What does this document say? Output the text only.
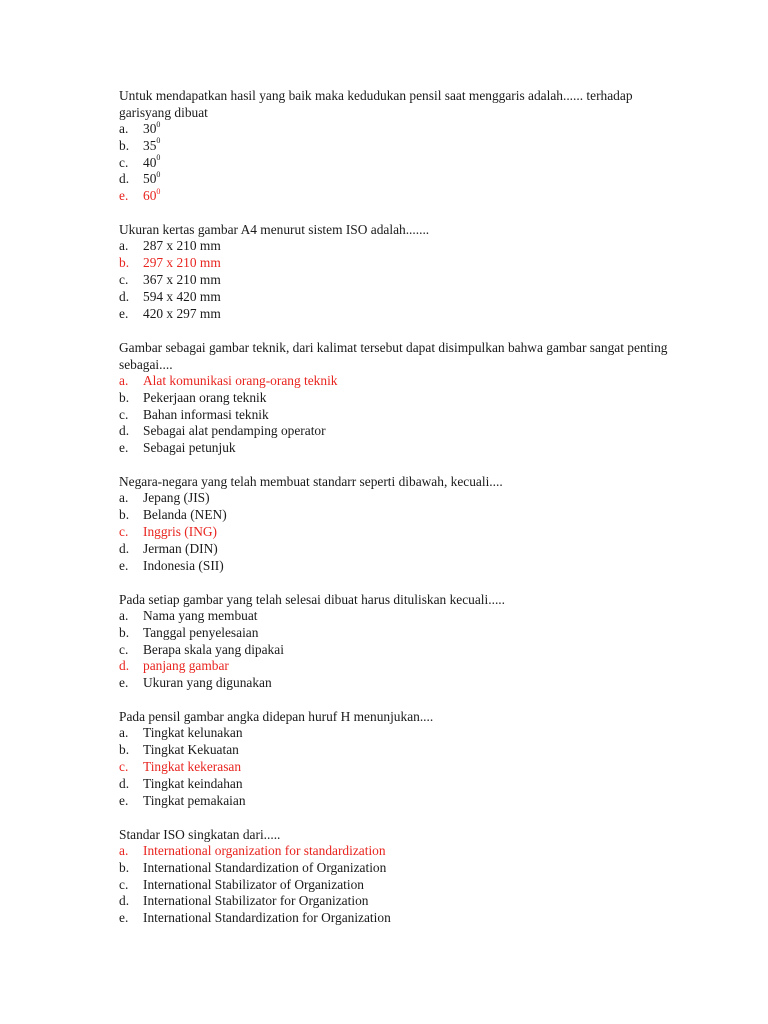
Untuk mendapatkan hasil yang baik maka kedudukan pensil saat menggaris adalah...... terhadap garisyang dibuat

a. $30^0$
b. $35^0$
c. $40^0$
d. $50^0$
e. $60^0$

Ukuran kertas gambar A4 menurut sistem ISO adalah.......

a. 287 x 210 mm
b. 297 x 210 mm
c. 367 x 210 mm
d. 594 x 420 mm
e. 420 x 297 mm

Gambar sebagai gambar teknik, dari kalimat tersebut dapat disimpulkan bahwa gambar sangat penting sebagai....

a. Alat komunikasi orang-orang teknik
b. Pekerjaan orang teknik
c. Bahan informasi teknik
d. Sebagai alat pendamping operator
e. Sebagai petunjuk

Negara-negara yang telah membuat standarr seperti dibawah, kecuali....

a. Jepang (JIS)
b. Belanda (NEN)
c. Inggris (ING)
d. Jerman (DIN)
e. Indonesia (SII)

Pada setiap gambar yang telah selesai dibuat harus dituliskan kecuali.....

a. Nama yang membuat
b. Tanggal penyelesaian
c. Berapa skala yang dipakai
d. panjang gambar
e. Ukuran yang digunakan

Pada pensil gambar angka didepan huruf H menunjukan....

a. Tingkat kelunakan
b. Tingkat Kekuatan
c. Tingkat kekerasan
d. Tingkat keindahan
e. Tingkat pemakaian

Standar ISO singkatan dari.....

a. International organization for standardization
b. International Standardization of Organization
c. International Stabilizator of Organization
d. International Stabilizator for Organization
e. International Standardization for Organization
